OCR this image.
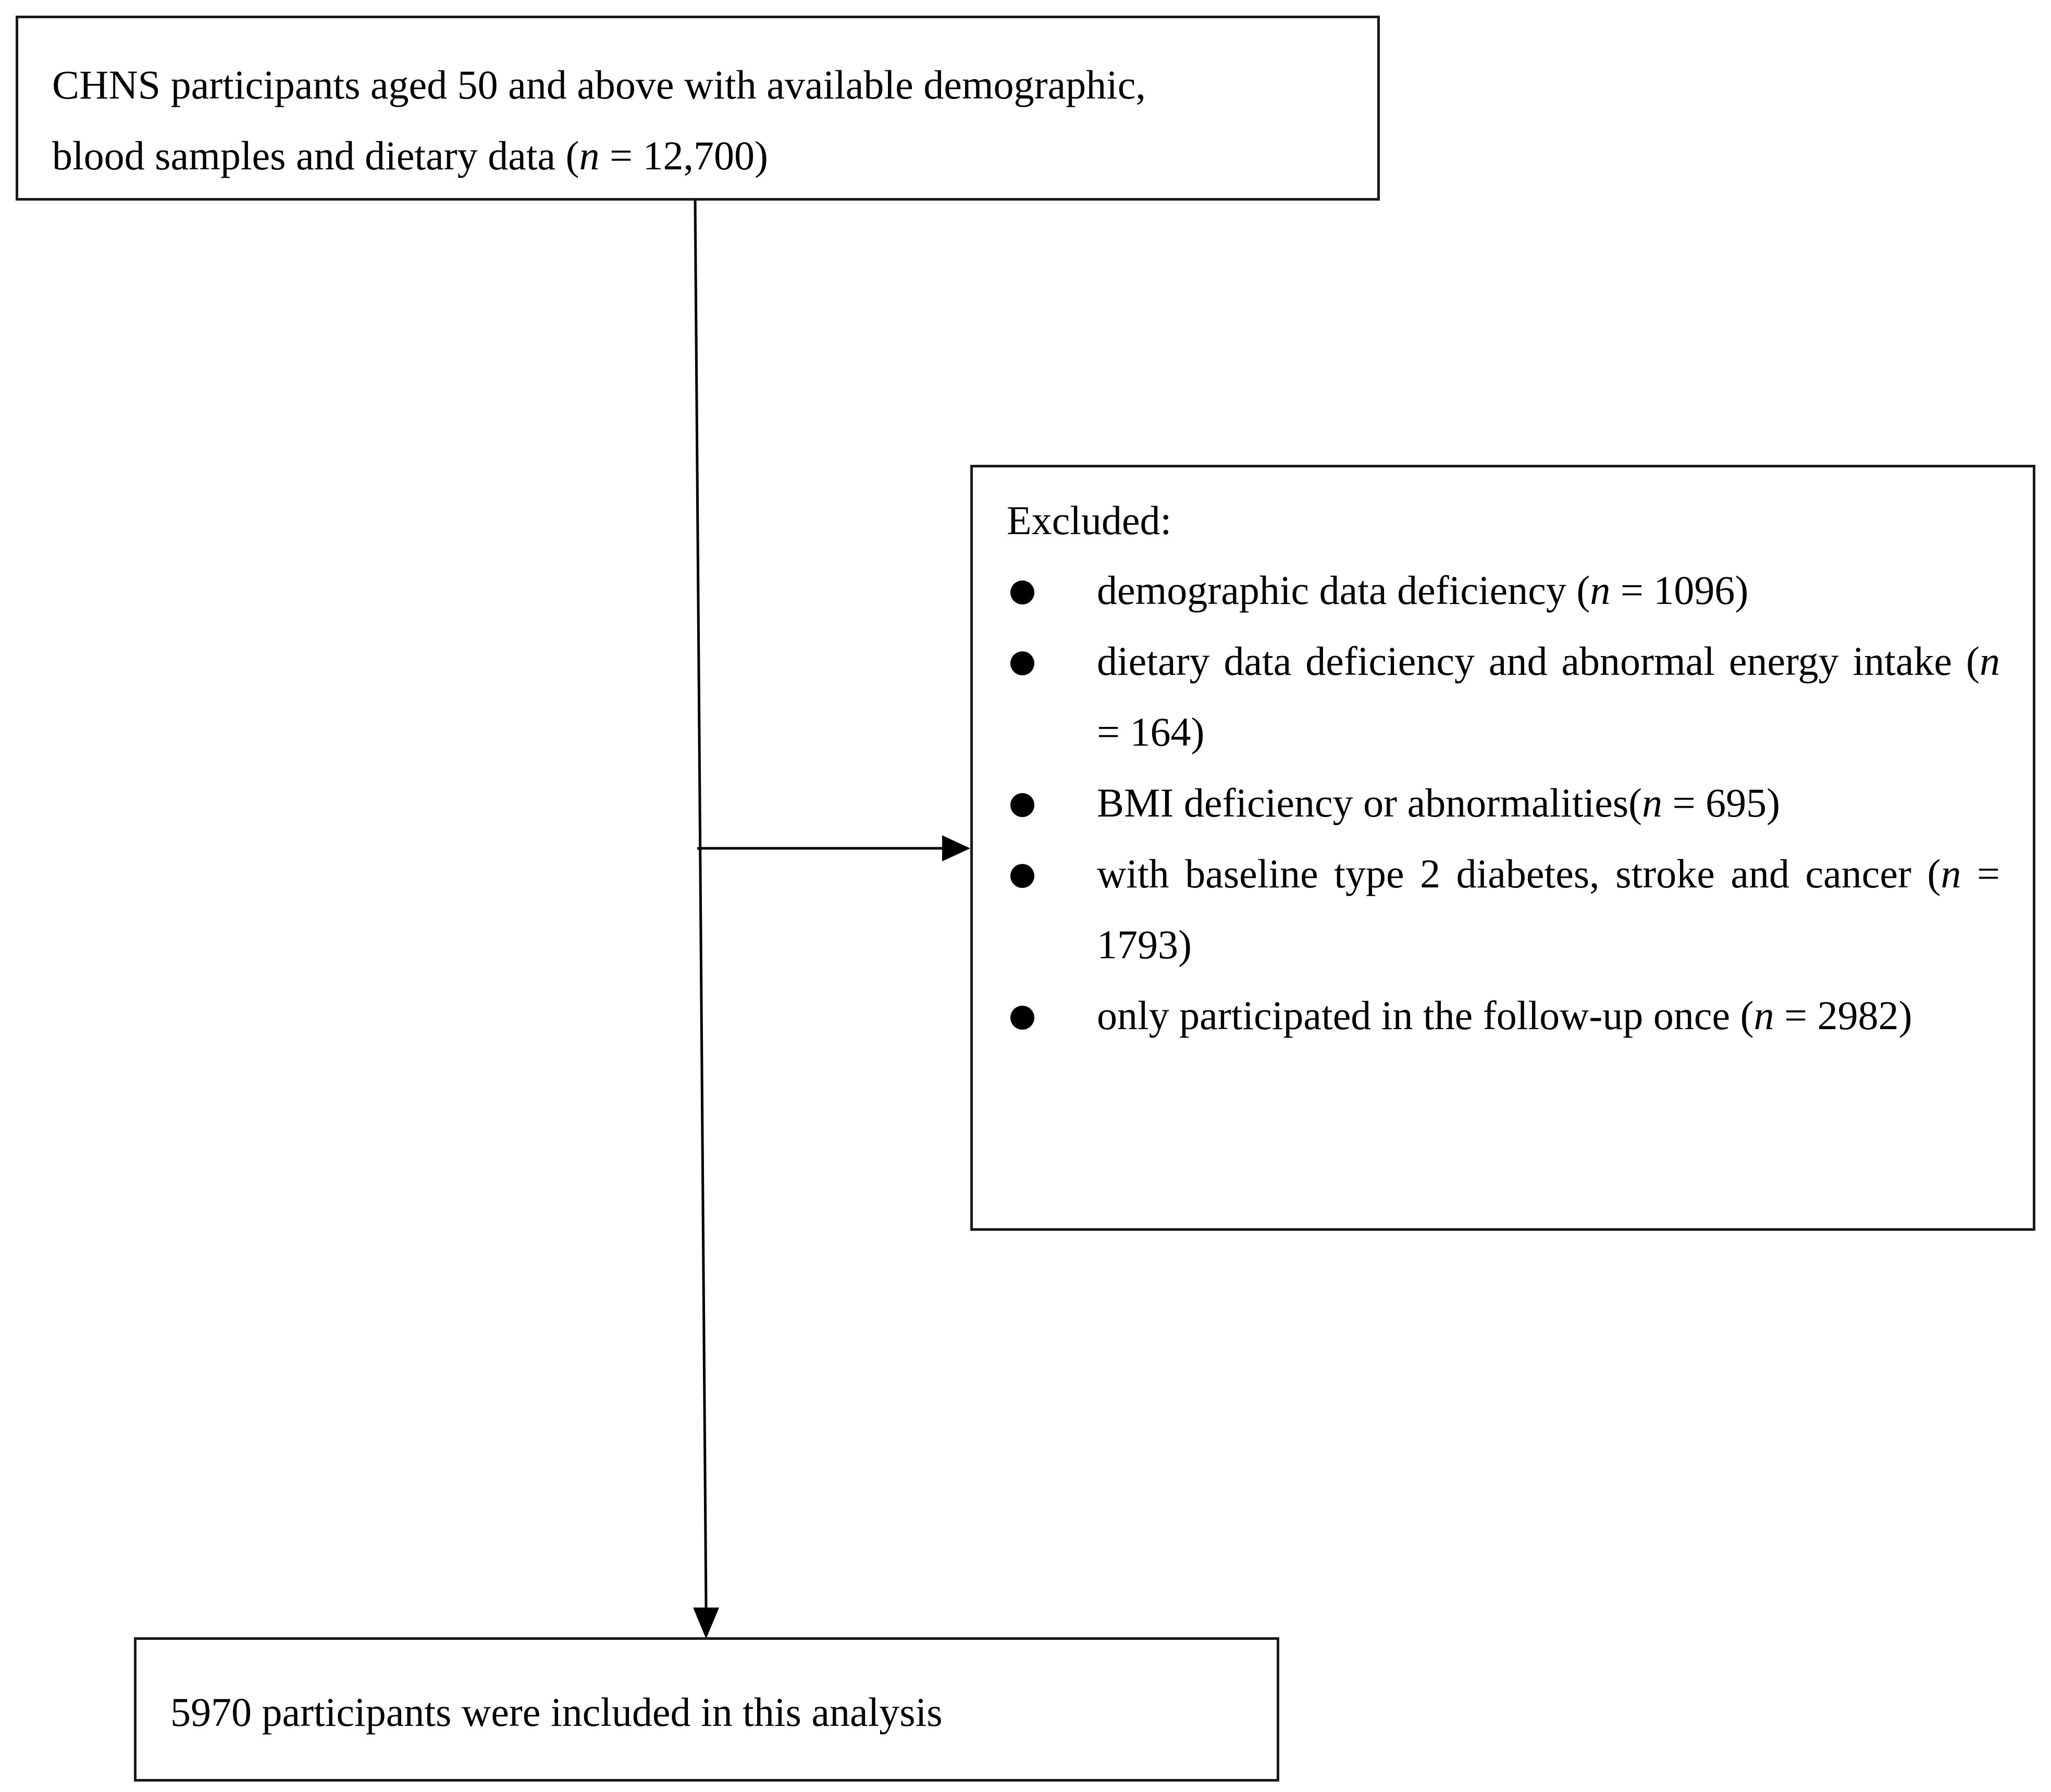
CHNS participants aged 50 and above with available demographic,
blood samples and dietary data (n = 12,700)
Excluded:
demographic data deficiency (n = 1096)
dietary data deficiency and abnormal energy intake (n = 164)
BMI deficiency or abnormalities(n = 695)
with baseline type 2 diabetes, stroke and cancer (n = 1793)
only participated in the follow-up once (n = 2982)
5970 participants were included in this analysis
